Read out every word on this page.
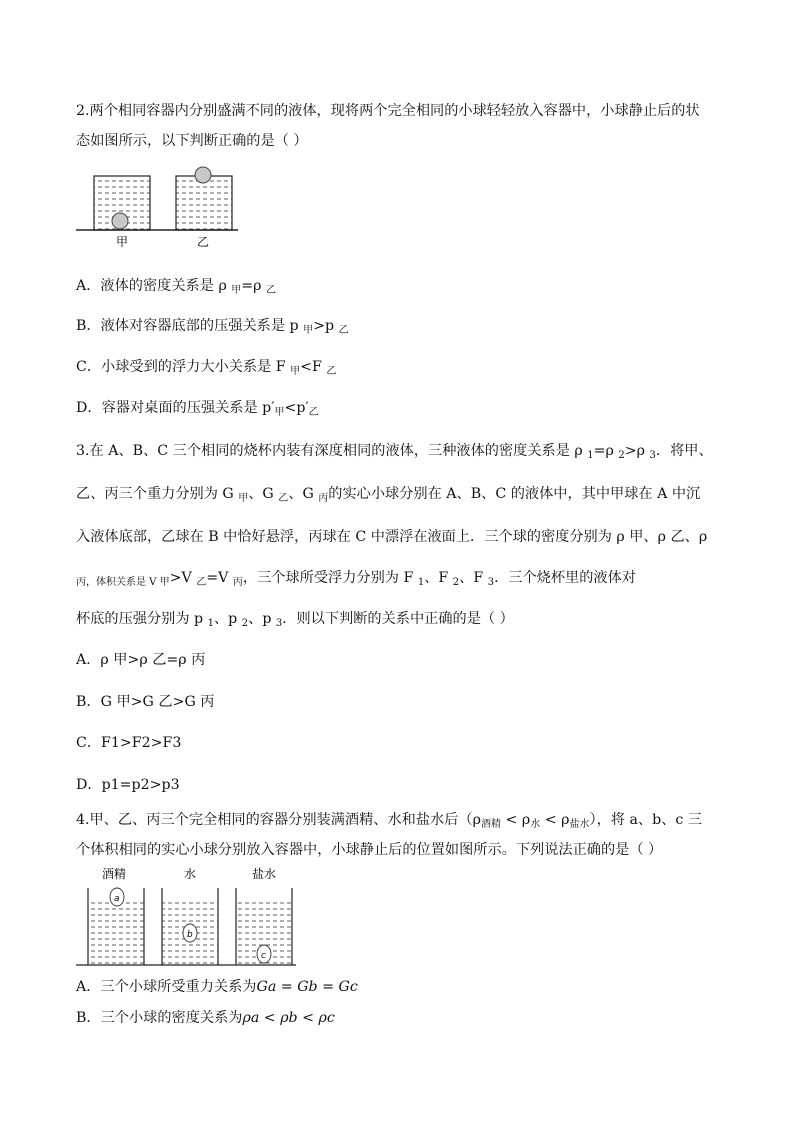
2.两个相同容器内分别盛满不同的液体，现将两个完全相同的小球轻轻放入容器中，小球静止后的状
态如图所示，以下判断正确的是（ ）
甲	乙
A．液体的密度关系是 ρ $_甲$=ρ $_乙$
B．液体对容器底部的压强关系是 p $_甲$>p $_乙$
C．小球受到的浮力大小关系是 F $_甲$<F $_乙$
D．容器对桌面的压强关系是 $p'_甲<p'_乙$
3.在 A、B、C 三个相同的烧杯内装有深度相同的液体，三种液体的密度关系是 ρ $_1$=ρ $_2$>ρ $_3$．将甲、
乙、丙三个重力分别为 G $_甲$、G $_乙$、G $_丙$的实心小球分别在 A、B、C 的液体中，其中甲球在 A 中沉
入液体底部，乙球在 B 中恰好悬浮，丙球在 C 中漂浮在液面上．三个球的密度分别为 ρ 甲、ρ 乙、ρ
$_{丙,体积关系是 V}$ $_甲$>V $_乙$=V $_丙$，三个球所受浮力分别为 F $_1$、F $_2$、F $_3$．三个烧杯里的液体对
杯底的压强分别为 p $_1$、p $_2$、p $_3$．则以下判断的关系中正确的是（ ）
A．ρ 甲>ρ 乙=ρ 丙
B．G 甲>G 乙>G 丙
C．F1>F2>F3
D．p1=p2>p3
4.甲、乙、丙三个完全相同的容器分别装满酒精、水和盐水后$(\rho_{酒精} < \rho_水 < \rho_{盐水})$，将 a、b、c 三
个体积相同的实心小球分别放入容器中，小球静止后的位置如图所示。下列说法正确的是（ ）
酒精	水	盐水
a
b
c
A．三个小球所受重力关系为Ga = Gb = Gc
B．三个小球的密度关系为ρa < ρb < ρc
